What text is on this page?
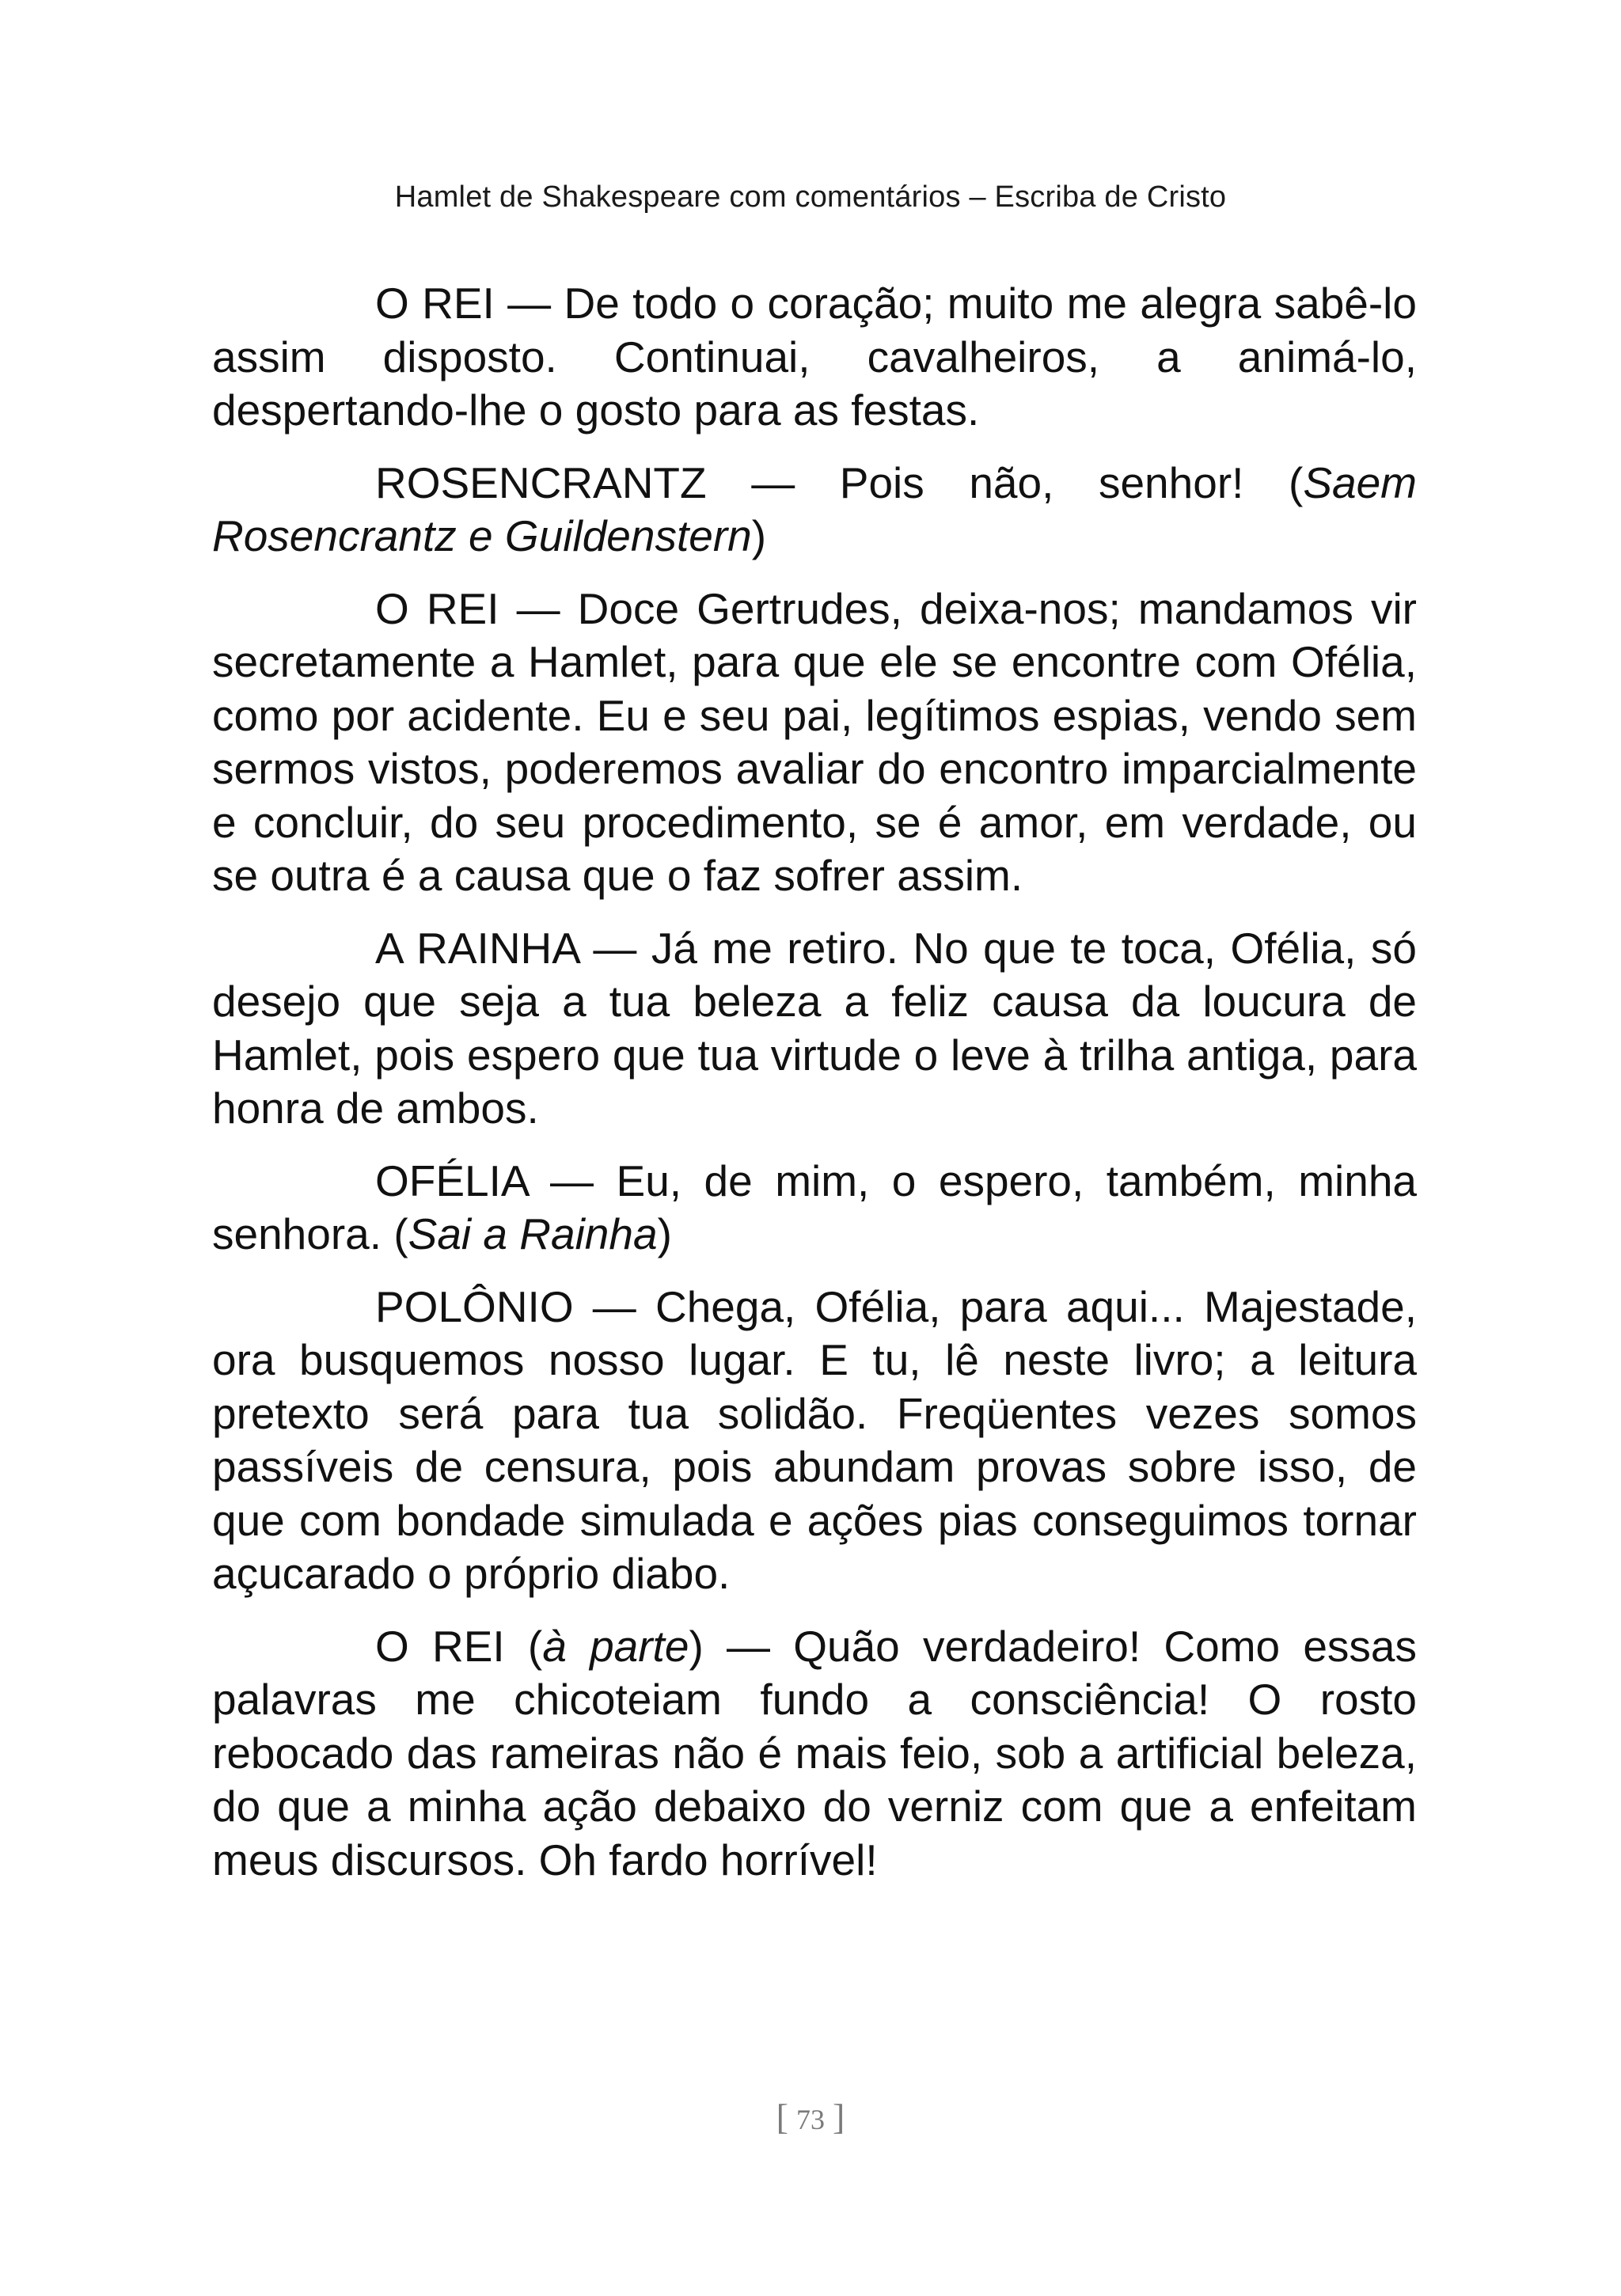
Hamlet de Shakespeare com comentários – Escriba de Cristo

O REI — De todo o coração; muito me alegra sabê-lo assim disposto. Continuai, cavalheiros, a animá-lo, despertando-lhe o gosto para as festas.

ROSENCRANTZ — Pois não, senhor! (Saem Rosencrantz e Guildenstern)

O REI — Doce Gertrudes, deixa-nos; mandamos vir secretamente a Hamlet, para que ele se encontre com Ofélia, como por acidente. Eu e seu pai, legítimos espias, vendo sem sermos vistos, poderemos avaliar do encontro imparcialmente e concluir, do seu procedimento, se é amor, em verdade, ou se outra é a causa que o faz sofrer assim.

A RAINHA — Já me retiro. No que te toca, Ofélia, só desejo que seja a tua beleza a feliz causa da loucura de Hamlet, pois espero que tua virtude o leve à trilha antiga, para honra de ambos.

OFÉLIA — Eu, de mim, o espero, também, minha senhora. (Sai a Rainha)

POLÔNIO — Chega, Ofélia, para aqui... Majestade, ora busquemos nosso lugar. E tu, lê neste livro; a leitura pretexto será para tua solidão. Freqüentes vezes somos passíveis de censura, pois abundam provas sobre isso, de que com bondade simulada e ações pias conseguimos tornar açucarado o próprio diabo.

O REI (à parte) — Quão verdadeiro! Como essas palavras me chicoteiam fundo a consciência! O rosto rebocado das rameiras não é mais feio, sob a artificial beleza, do que a minha ação debaixo do verniz com que a enfeitam meus discursos. Oh fardo horrível!

[ 73 ]
